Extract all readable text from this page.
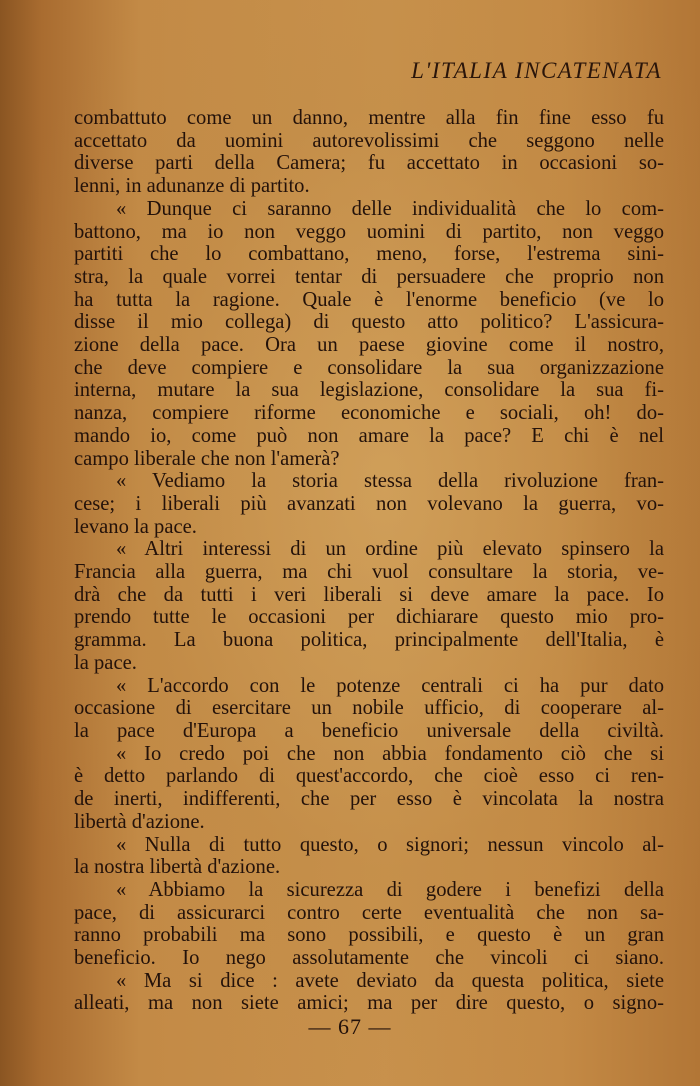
L'ITALIA INCATENATA
combattuto come un danno, mentre alla fin fine esso fu
accettato da uomini autorevolissimi che seggono nelle
diverse parti della Camera; fu accettato in occasioni so-
lenni, in adunanze di partito.
« Dunque ci saranno delle individualità che lo com-
battono, ma io non veggo uomini di partito, non veggo
partiti che lo combattano, meno, forse, l'estrema sini-
stra, la quale vorrei tentar di persuadere che proprio non
ha tutta la ragione. Quale è l'enorme beneficio (ve lo
disse il mio collega) di questo atto politico? L'assicura-
zione della pace. Ora un paese giovine come il nostro,
che deve compiere e consolidare la sua organizzazione
interna, mutare la sua legislazione, consolidare la sua fi-
nanza, compiere riforme economiche e sociali, oh! do-
mando io, come può non amare la pace? E chi è nel
campo liberale che non l'amerà?
« Vediamo la storia stessa della rivoluzione fran-
cese; i liberali più avanzati non volevano la guerra, vo-
levano la pace.
« Altri interessi di un ordine più elevato spinsero la
Francia alla guerra, ma chi vuol consultare la storia, ve-
drà che da tutti i veri liberali si deve amare la pace. Io
prendo tutte le occasioni per dichiarare questo mio pro-
gramma. La buona politica, principalmente dell'Italia, è
la pace.
« L'accordo con le potenze centrali ci ha pur dato
occasione di esercitare un nobile ufficio, di cooperare al-
la pace d'Europa a beneficio universale della civiltà.
« Io credo poi che non abbia fondamento ciò che si
è detto parlando di quest'accordo, che cioè esso ci ren-
de inerti, indifferenti, che per esso è vincolata la nostra
libertà d'azione.
« Nulla di tutto questo, o signori; nessun vincolo al-
la nostra libertà d'azione.
« Abbiamo la sicurezza di godere i benefizi della
pace, di assicurarci contro certe eventualità che non sa-
ranno probabili ma sono possibili, e questo è un gran
beneficio. Io nego assolutamente che vincoli ci siano.
« Ma si dice : avete deviato da questa politica, siete
alleati, ma non siete amici; ma per dire questo, o signo-
— 67 —
